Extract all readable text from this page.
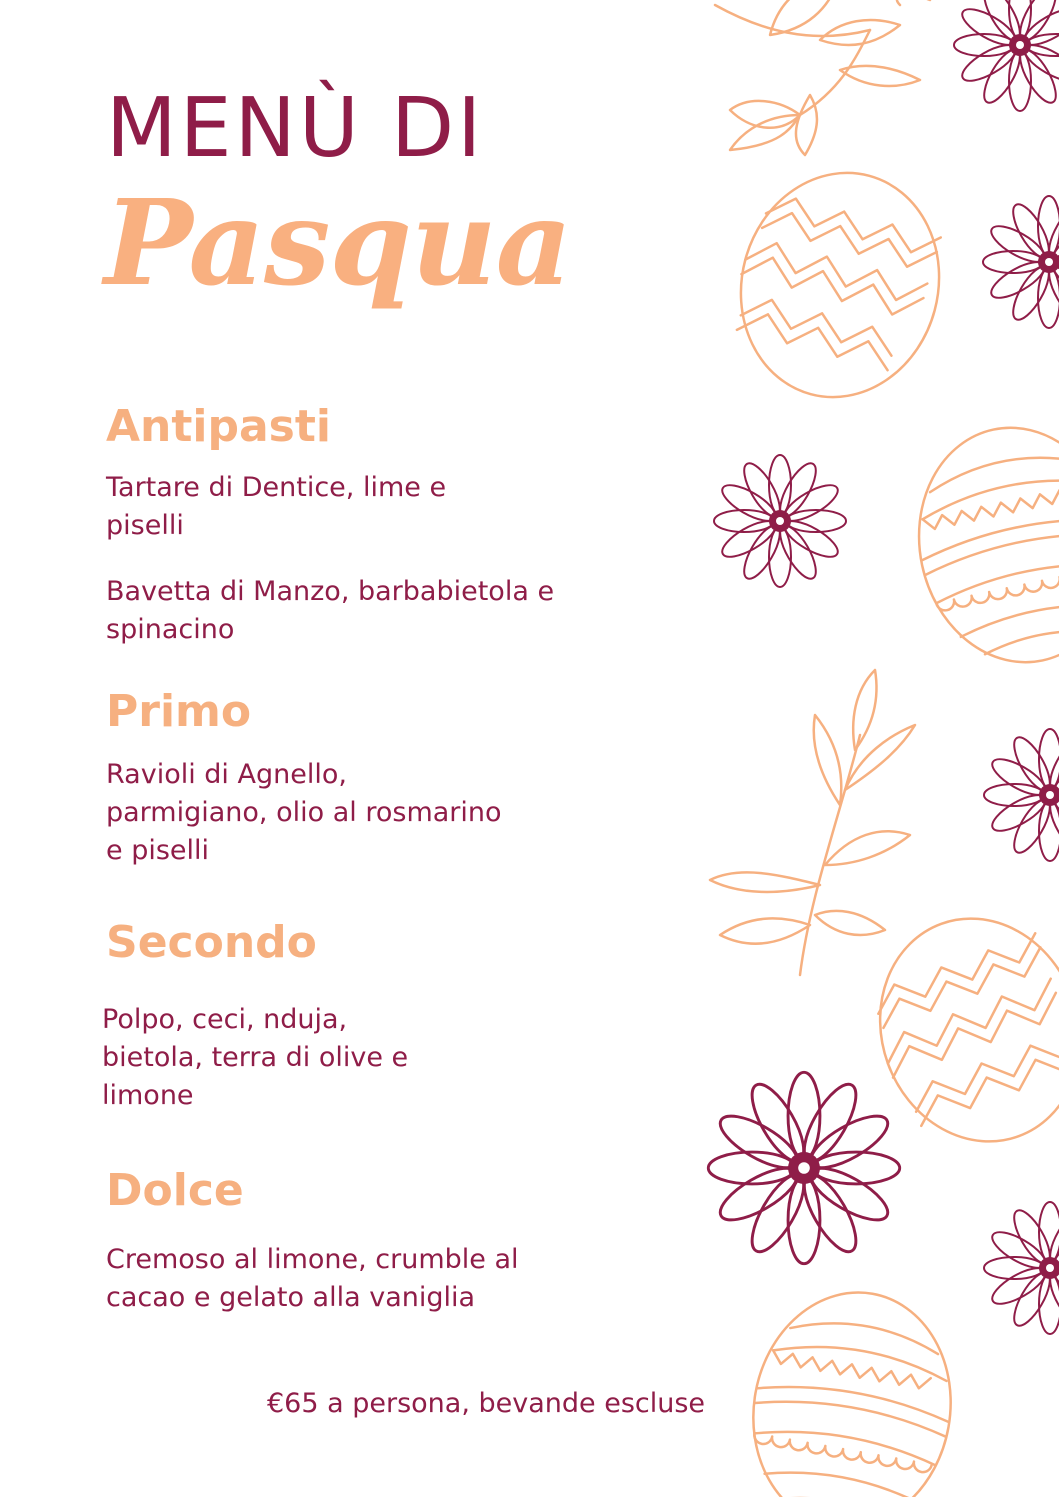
MENÙ DI
Pasqua
Antipasti

Tartare di Dentice, lime e
piselli

Bavetta di Manzo, barbabietola e
spinacino

Primo

Ravioli di Agnello,
parmigiano, olio al rosmarino
e piselli

Secondo

Polpo, ceci, nduja,
bietola, terra di olive e
limone

Dolce

Cremoso al limone, crumble al
cacao e gelato alla vaniglia

€65 a persona, bevande escluse
